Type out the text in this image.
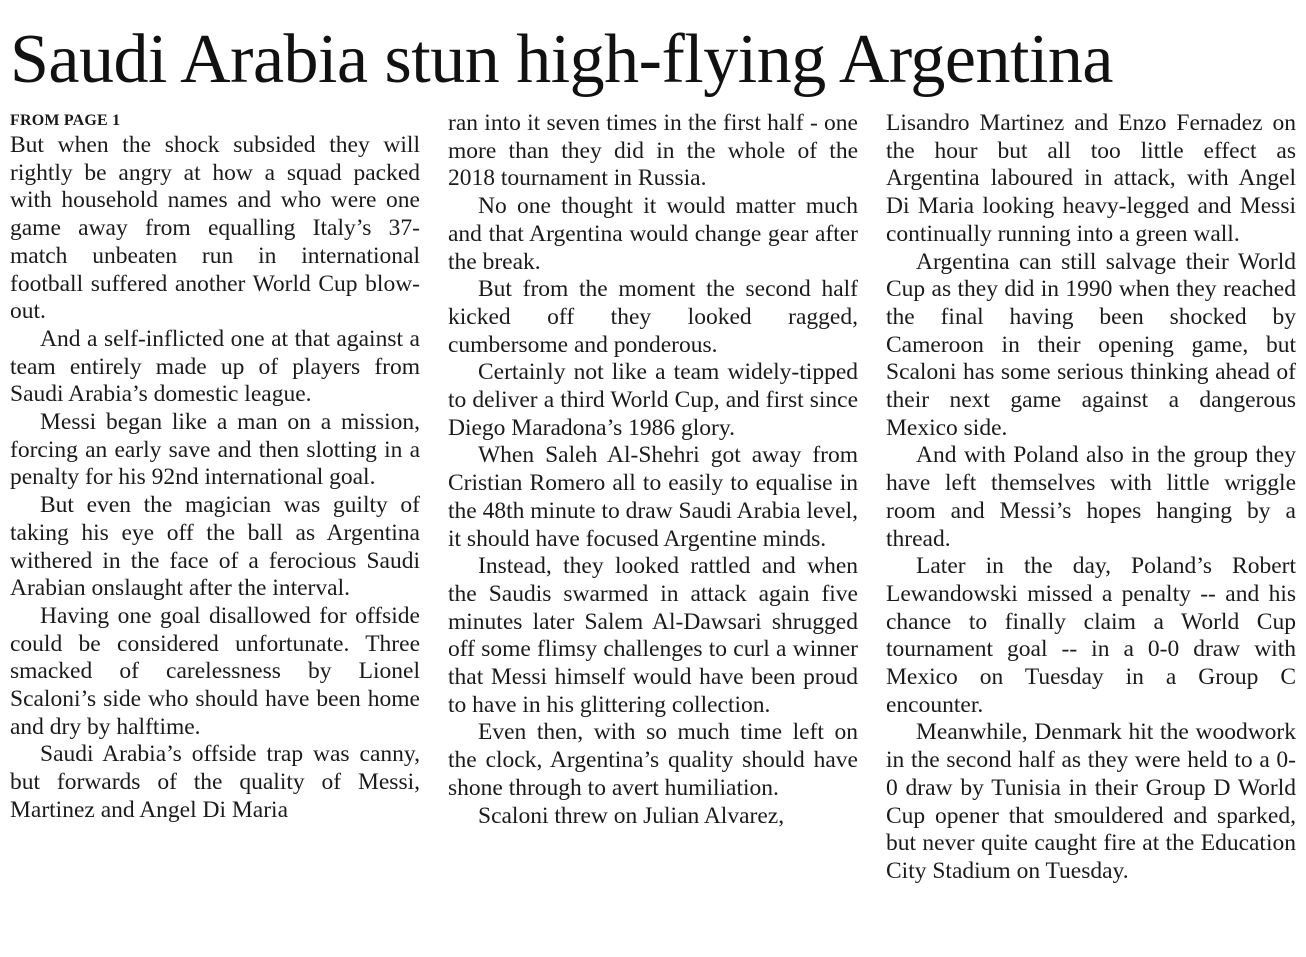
Saudi Arabia stun high-flying Argentina
FROM PAGE 1

But when the shock subsided they will rightly be angry at how a squad packed with household names and who were one game away from equalling Italy’s 37-match unbeaten run in international football suffered another World Cup blow-out.

And a self-inflicted one at that against a team entirely made up of players from Saudi Arabia’s domestic league.

Messi began like a man on a mission, forcing an early save and then slotting in a penalty for his 92nd international goal.

But even the magician was guilty of taking his eye off the ball as Argentina withered in the face of a ferocious Saudi Arabian onslaught after the interval.

Having one goal disallowed for offside could be considered unfortunate. Three smacked of carelessness by Lionel Scaloni’s side who should have been home and dry by halftime.

Saudi Arabia’s offside trap was canny, but forwards of the quality of Messi, Martinez and Angel Di Maria

ran into it seven times in the first half - one more than they did in the whole of the 2018 tournament in Russia.

No one thought it would matter much and that Argentina would change gear after the break.

But from the moment the second half kicked off they looked ragged, cumbersome and ponderous.

Certainly not like a team widely-tipped to deliver a third World Cup, and first since Diego Maradona’s 1986 glory.

When Saleh Al-Shehri got away from Cristian Romero all to easily to equalise in the 48th minute to draw Saudi Arabia level, it should have focused Argentine minds.

Instead, they looked rattled and when the Saudis swarmed in attack again five minutes later Salem Al-Dawsari shrugged off some flimsy challenges to curl a winner that Messi himself would have been proud to have in his glittering collection.

Even then, with so much time left on the clock, Argentina’s quality should have shone through to avert humiliation.

Scaloni threw on Julian Alvarez,

Lisandro Martinez and Enzo Fernadez on the hour but all too little effect as Argentina laboured in attack, with Angel Di Maria looking heavy-legged and Messi continually running into a green wall.

Argentina can still salvage their World Cup as they did in 1990 when they reached the final having been shocked by Cameroon in their opening game, but Scaloni has some serious thinking ahead of their next game against a dangerous Mexico side.

And with Poland also in the group they have left themselves with little wriggle room and Messi’s hopes hanging by a thread.

Later in the day, Poland’s Robert Lewandowski missed a penalty -- and his chance to finally claim a World Cup tournament goal -- in a 0-0 draw with Mexico on Tuesday in a Group C encounter.

Meanwhile, Denmark hit the woodwork in the second half as they were held to a 0-0 draw by Tunisia in their Group D World Cup opener that smouldered and sparked, but never quite caught fire at the Education City Stadium on Tuesday.
